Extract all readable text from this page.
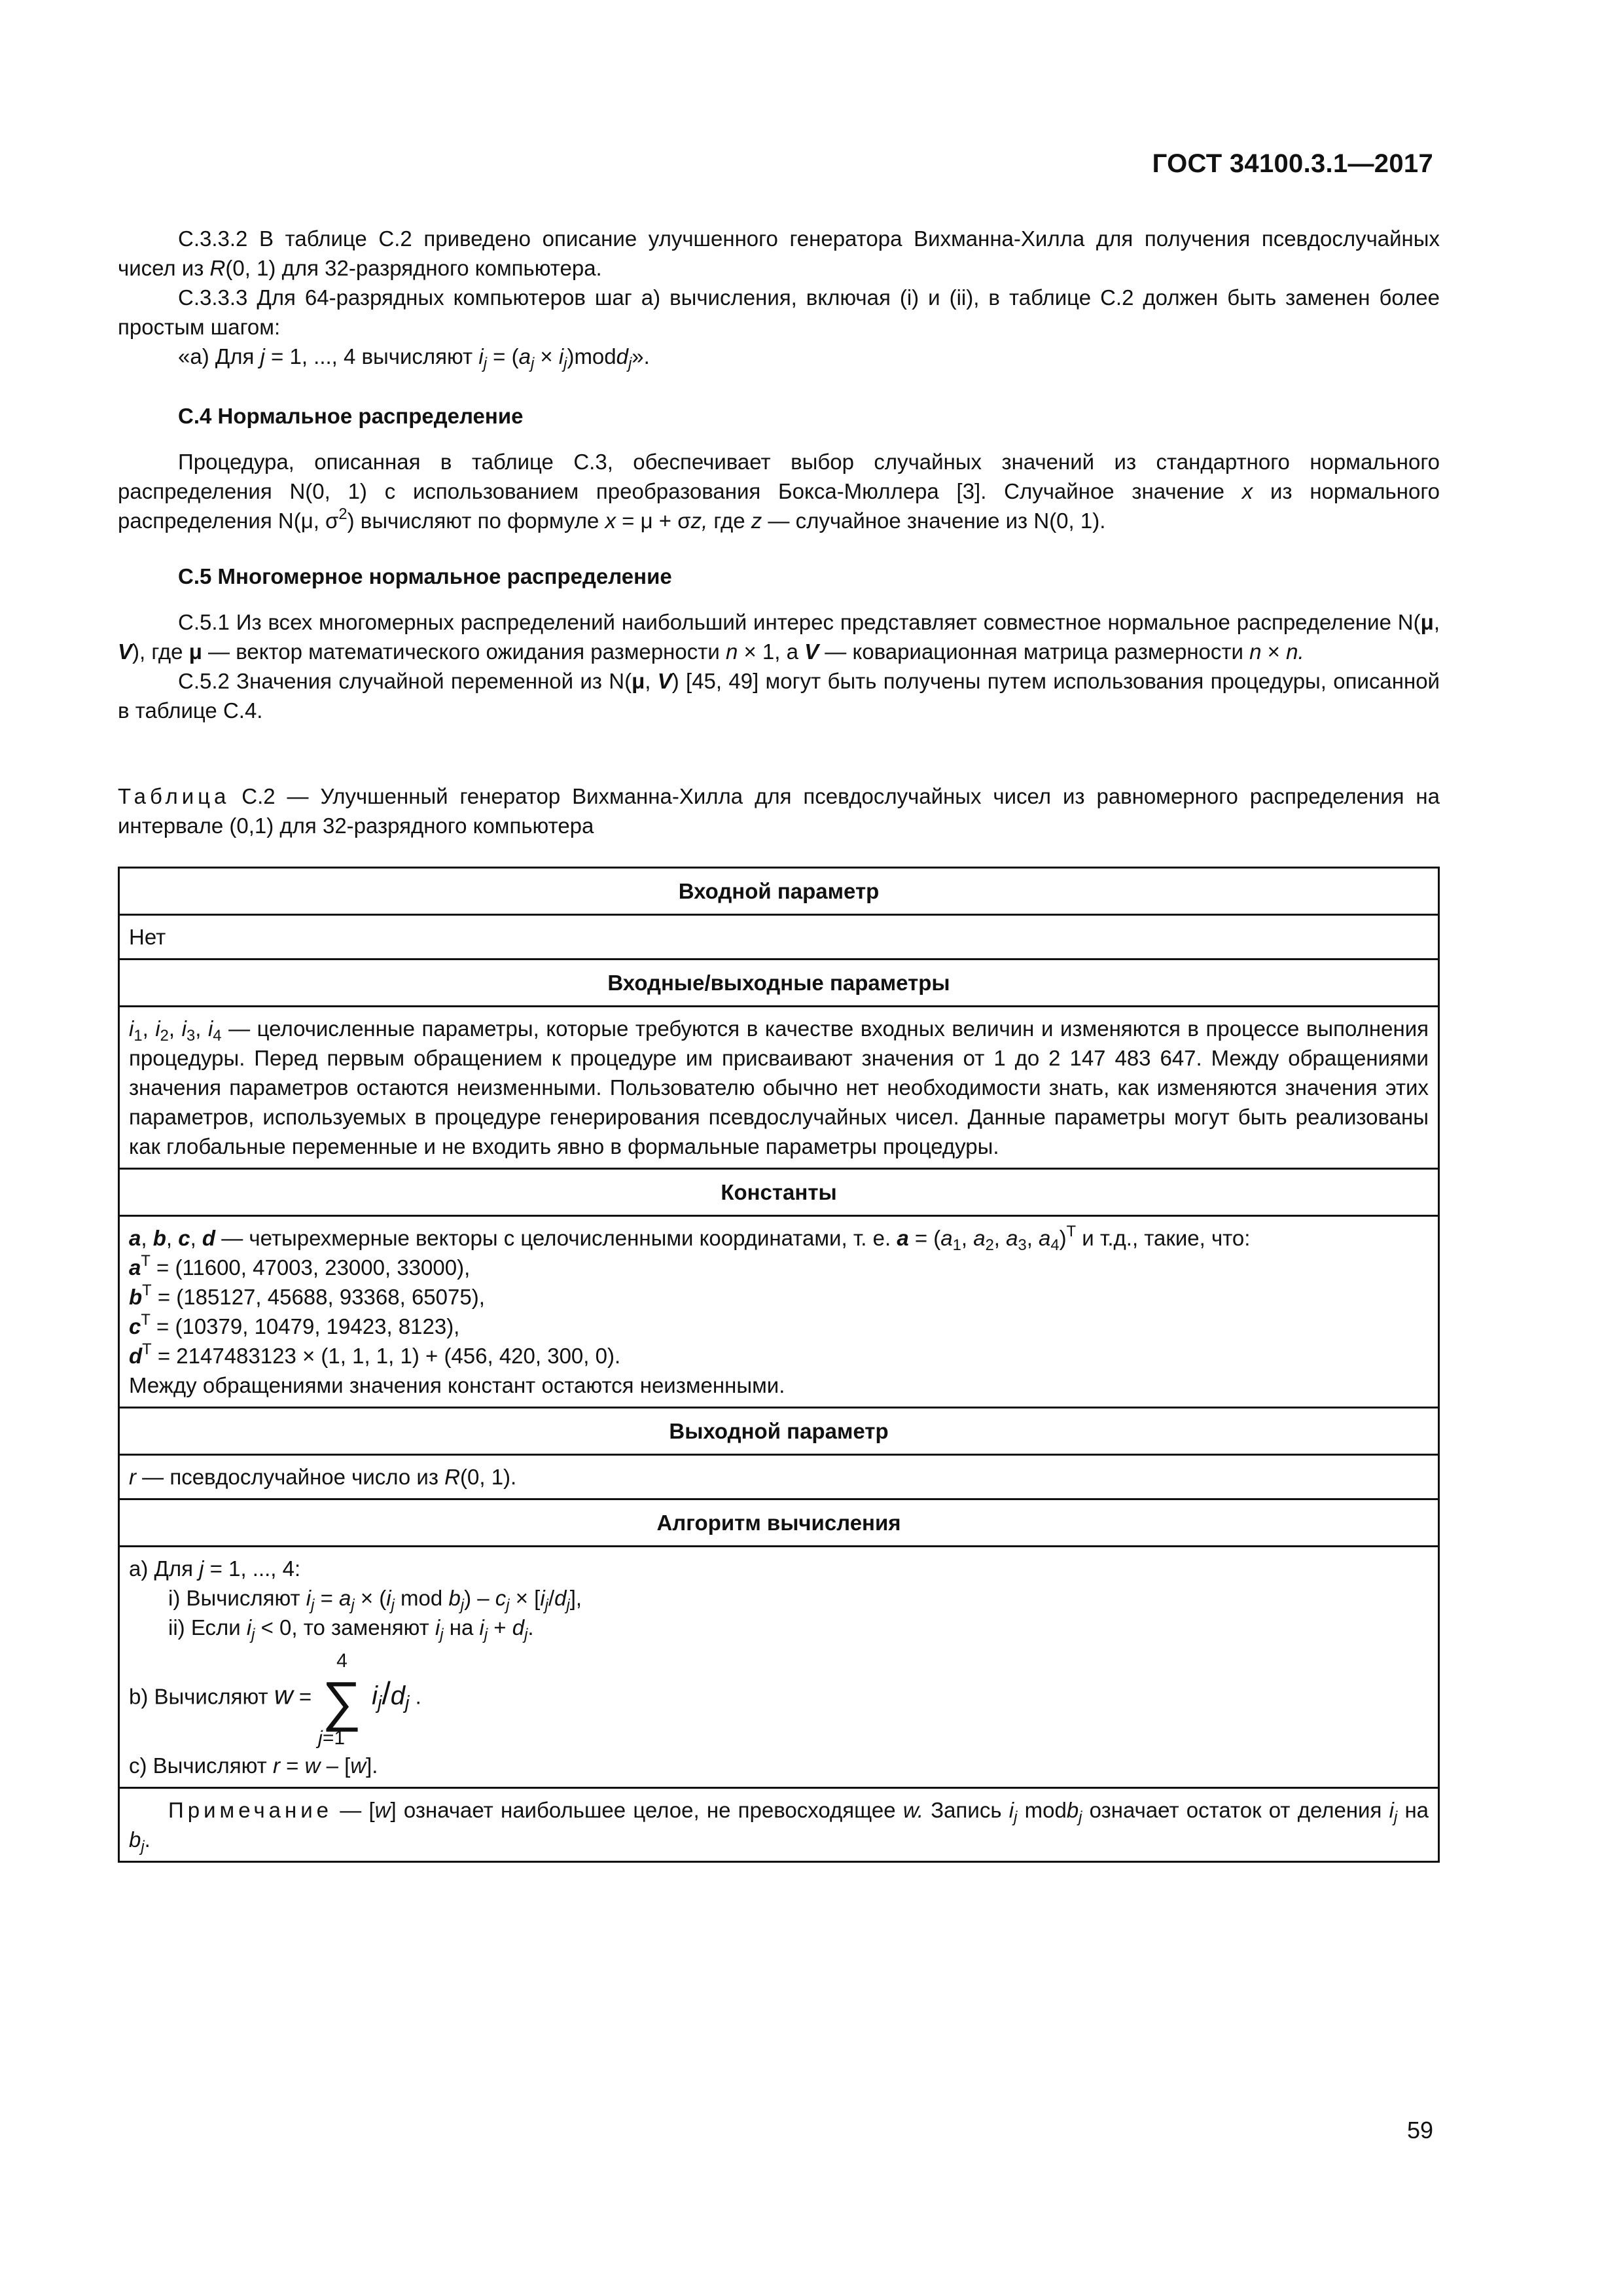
ГОСТ 34100.3.1—2017

С.3.3.2 В таблице С.2 приведено описание улучшенного генератора Вихманна-Хилла для получения псевдослучайных чисел из R(0, 1) для 32-разрядного компьютера.

С.3.3.3 Для 64-разрядных компьютеров шаг а) вычисления, включая (i) и (ii), в таблице С.2 должен быть заменен более простым шагом:

«а) Для j = 1, ..., 4 вычисляют $i_j = (a_j$ × $i_j)modd_j$».

С.4 Нормальное распределение

Процедура, описанная в таблице С.3, обеспечивает выбор случайных значений из стандартного нормального распределения N(0, 1) с использованием преобразования Бокса-Мюллера [3]. Случайное значение x из нормального распределения N(μ, $\sigma^2$) вычисляют по формуле x = μ + σz, где z — случайное значение из N(0, 1).

С.5 Многомерное нормальное распределение

С.5.1 Из всех многомерных распределений наибольший интерес представляет совместное нормальное распределение N(μ, V), где μ — вектор математического ожидания размерности n × 1, а V — ковариационная матрица размерности n × n.

С.5.2 Значения случайной переменной из N(μ, V) [45, 49] могут быть получены путем использования процедуры, описанной в таблице С.4.

Таблица С.2 — Улучшенный генератор Вихманна-Хилла для псевдослучайных чисел из равномерного распределения на интервале (0,1) для 32-разрядного компьютера

Входной параметр
Нет
Входные/выходные параметры
$i_1$, $i_2$, $i_3$, $i_4$ — целочисленные параметры, которые требуются в качестве входных величин и изменяются в процессе выполнения процедуры. Перед первым обращением к процедуре им присваивают значения от 1 до 2 147 483 647. Между обращениями значения параметров остаются неизменными. Пользователю обычно нет необходимости знать, как изменяются значения этих параметров, используемых в процедуре генерирования псевдослучайных чисел. Данные параметры могут быть реализованы как глобальные переменные и не входить явно в формальные параметры процедуры.
Константы

a, b, c, d — четырехмерные векторы с целочисленными координатами, т. е. $a = (a_1$, $a_2$, $a_3$, $a_4)^T$ и т.д., такие, что:
$a^T = (11600$, 47003, 23000, 33000),
$b^T = (185127$, 45688, 93368, 65075),
$c^T = (10379$, 10479, 19423, 8123),
$d^T = 2147483123 \times (1$, 1, 1, 1) + (456, 420, 300, 0).
Между обращениями значения констант остаются неизменными.

Выходной параметр
r — псевдослучайное число из R(0, 1).
Алгоритм вычисления

а) Для j = 1, ..., 4:
i) Вычисляют $i_j = a_j \times (i_j$ mod $b_j) - c_j \times [i_j/d_j]$,
ii) Если $i_j < 0$, то заменяют $i_j$ на $i_j + d_j$.
b) Вычисляют w =
4
∑
j=1
$i_j/d_j$ .
с) Вычисляют r = w – [w].

Примечание — [w] означает наибольшее целое, не превосходящее w. Запись $i_j$ modb$_j$ означает остаток от деления $i_j$ на $b_j$.
59
